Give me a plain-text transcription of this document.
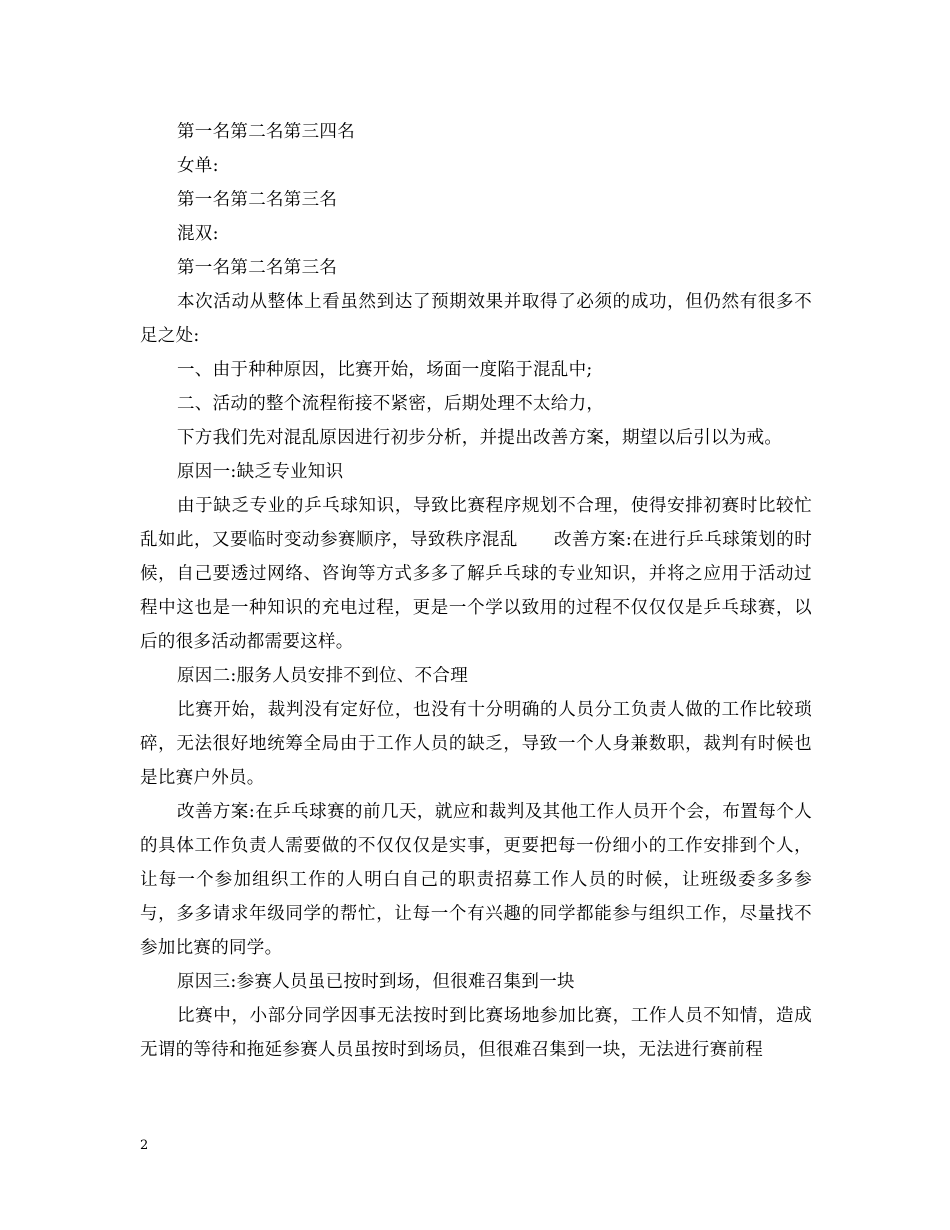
第一名第二名第三四名

女单:

第一名第二名第三名

混双:

第一名第二名第三名

本次活动从整体上看虽然到达了预期效果并取得了必须的成功，但仍然有很多不足之处:

一、由于种种原因，比赛开始，场面一度陷于混乱中;

二、活动的整个流程衔接不紧密，后期处理不太给力，

下方我们先对混乱原因进行初步分析，并提出改善方案，期望以后引以为戒。

原因一:缺乏专业知识

由于缺乏专业的乒乓球知识，导致比赛程序规划不合理，使得安排初赛时比较忙乱如此，又要临时变动参赛顺序，导致秩序混乱　　改善方案:在进行乒乓球策划的时候，自己要透过网络、咨询等方式多多了解乒乓球的专业知识，并将之应用于活动过程中这也是一种知识的充电过程，更是一个学以致用的过程不仅仅仅是乒乓球赛，以后的很多活动都需要这样。

原因二:服务人员安排不到位、不合理

比赛开始，裁判没有定好位，也没有十分明确的人员分工负责人做的工作比较琐碎，无法很好地统筹全局由于工作人员的缺乏，导致一个人身兼数职，裁判有时候也是比赛户外员。

改善方案:在乒乓球赛的前几天，就应和裁判及其他工作人员开个会，布置每个人的具体工作负责人需要做的不仅仅仅是实事，更要把每一份细小的工作安排到个人，让每一个参加组织工作的人明白自己的职责招募工作人员的时候，让班级委多多参与，多多请求年级同学的帮忙，让每一个有兴趣的同学都能参与组织工作，尽量找不参加比赛的同学。

原因三:参赛人员虽已按时到场，但很难召集到一块

比赛中，小部分同学因事无法按时到比赛场地参加比赛，工作人员不知情，造成无谓的等待和拖延参赛人员虽按时到场员，但很难召集到一块，无法进行赛前程

2
